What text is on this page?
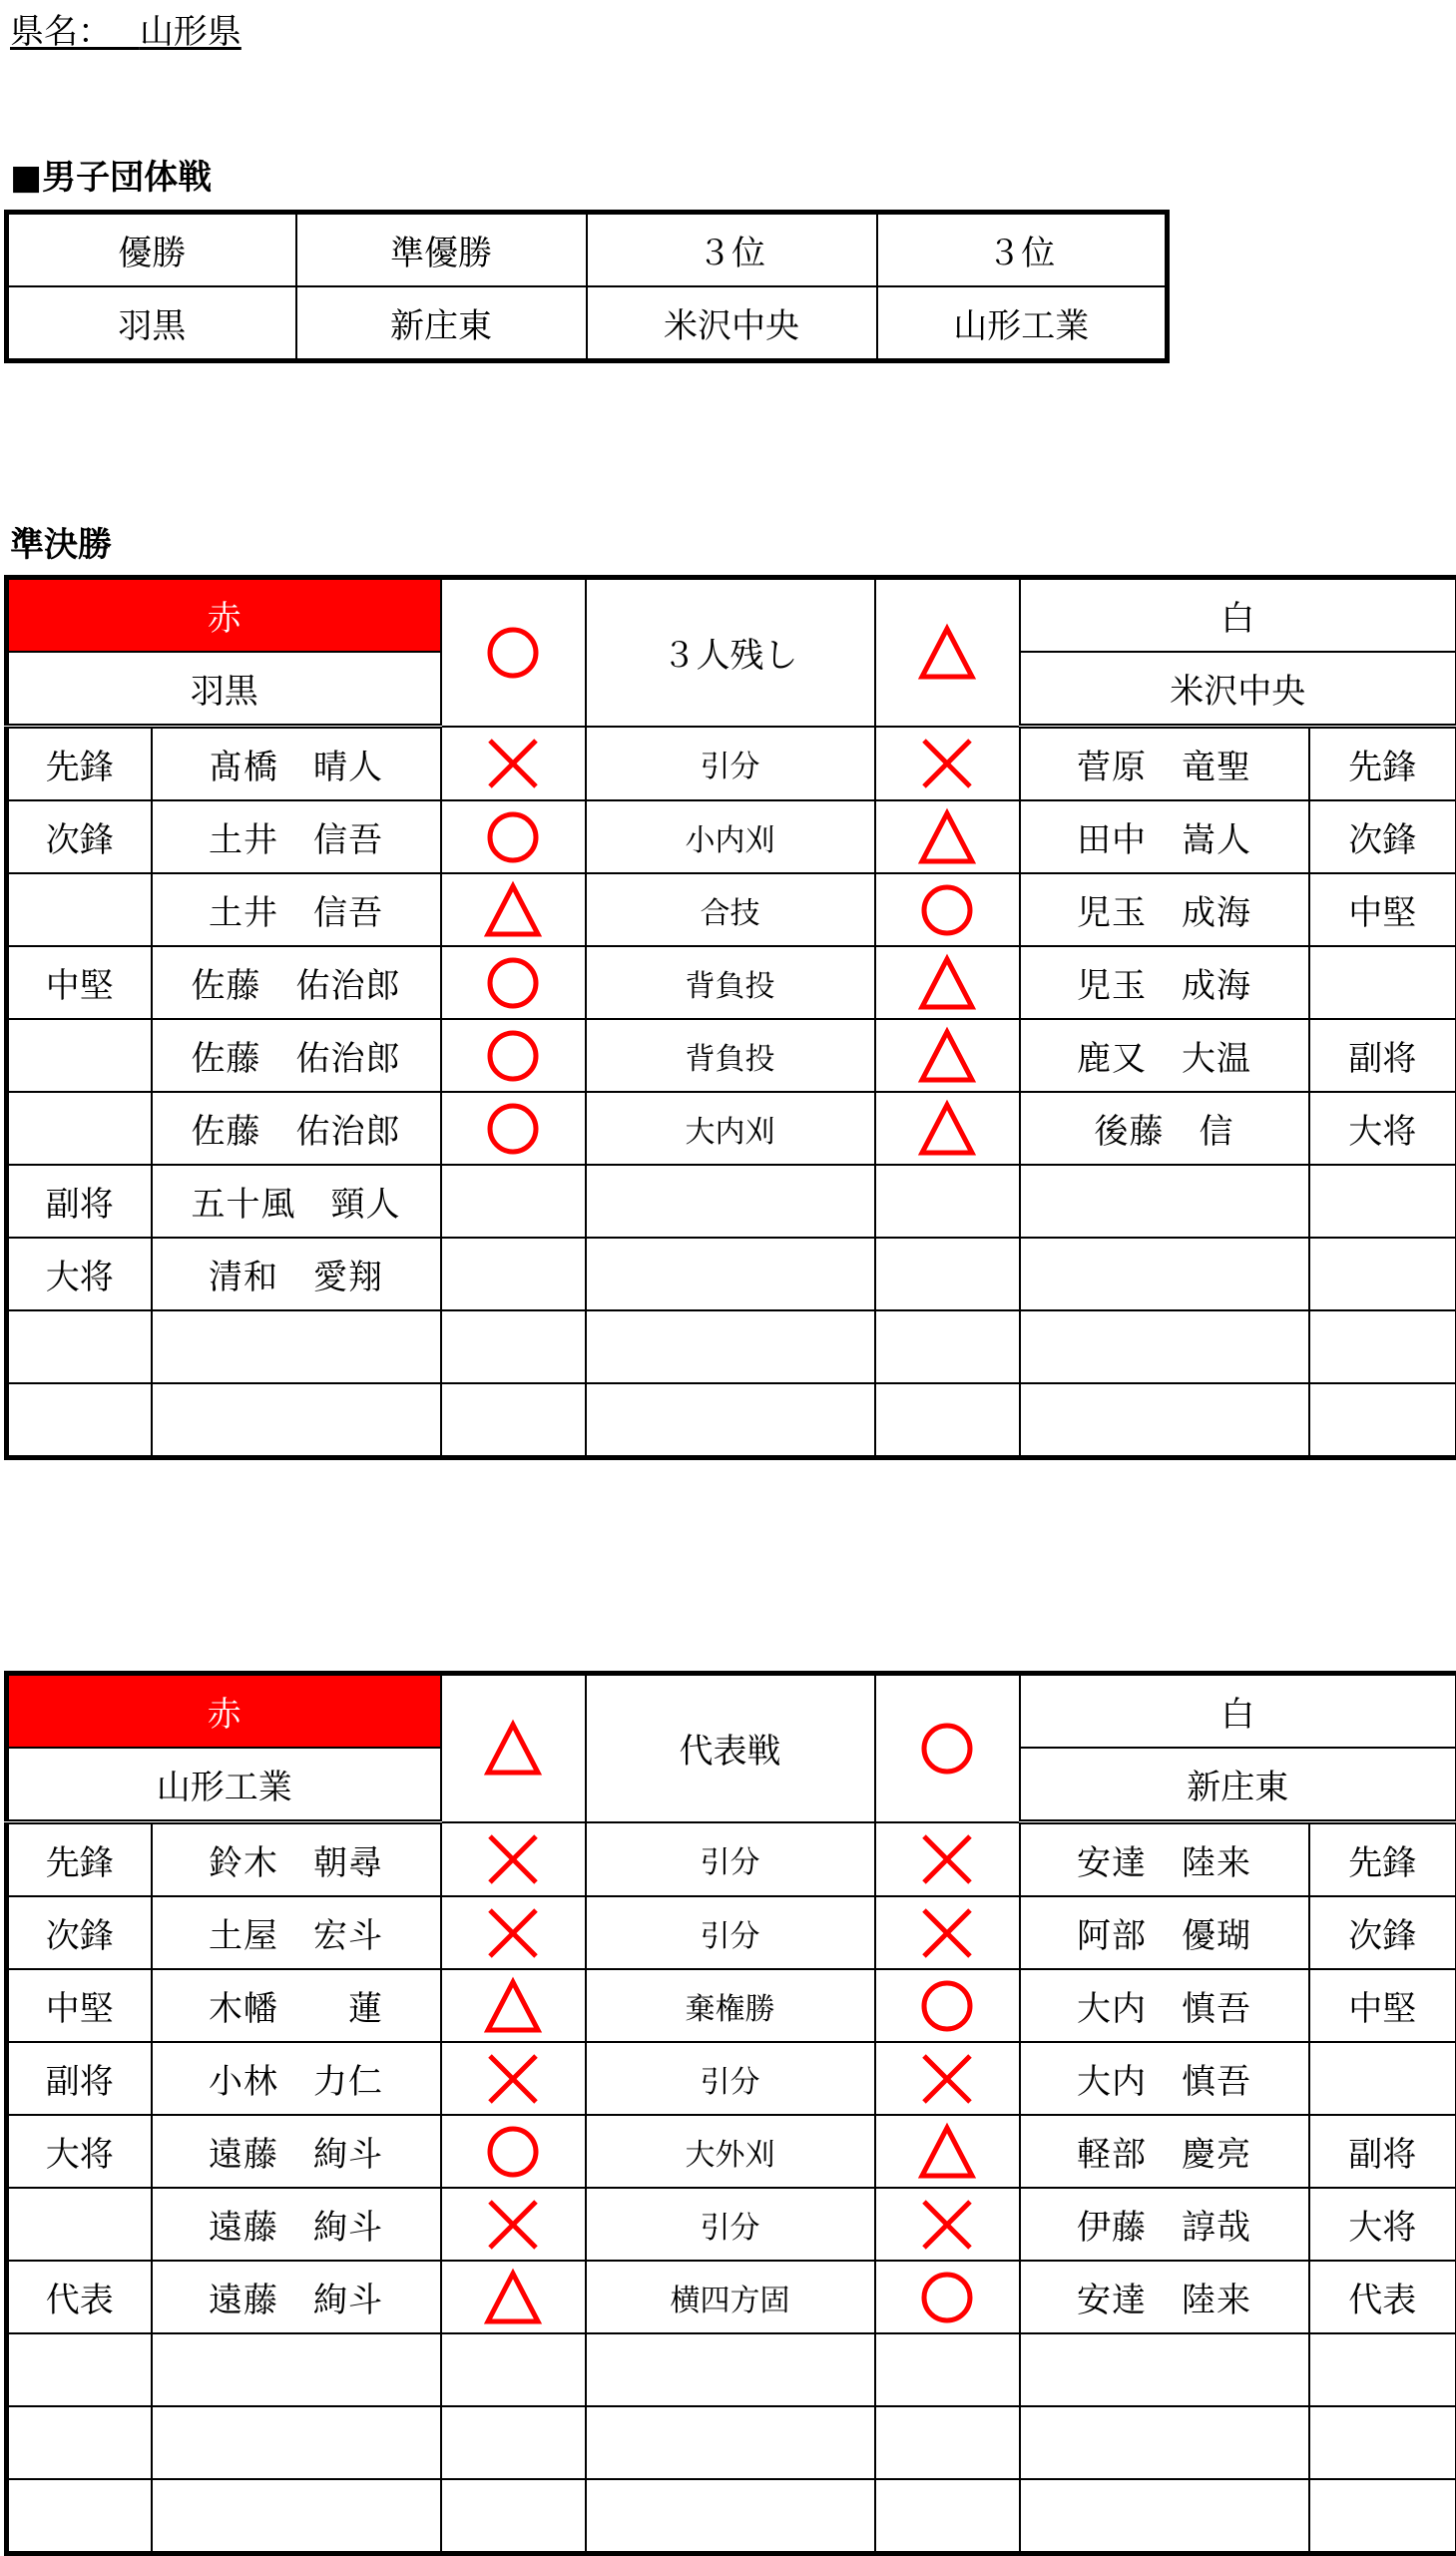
県名：　 山形県
■男子団体戦
優勝	準優勝	３位	３位
羽黒	新庄東	米沢中央	山形工業
準決勝
赤			３人残し		白	
羽黒					米沢中央	
先鋒	髙橋　晴人		引分		菅原　竜聖	先鋒
次鋒	土井　信吾		小内刈		田中　嵩人	次鋒
	土井　信吾		合技		児玉　成海	中堅
中堅	佐藤　佑治郎		背負投		児玉　成海	
	佐藤　佑治郎		背負投		鹿又　大温	副将
	佐藤　佑治郎		大内刈		後藤　信	大将
副将	五十風　頸人					
大将	清和　愛翔					

赤			代表戦		白	
山形工業					新庄東	
先鋒	鈴木　朝尋		引分		安達　陸来	先鋒
次鋒	土屋　宏斗		引分		阿部　優瑚	次鋒
中堅	木幡　　蓮		棄権勝		大内　慎吾	中堅
副将	小林　力仁		引分		大内　慎吾	
大将	遠藤　絢斗		大外刈		軽部　慶亮	副将
	遠藤　絢斗		引分		伊藤　諄哉	大将
代表	遠藤　絢斗		横四方固		安達　陸来	代表
